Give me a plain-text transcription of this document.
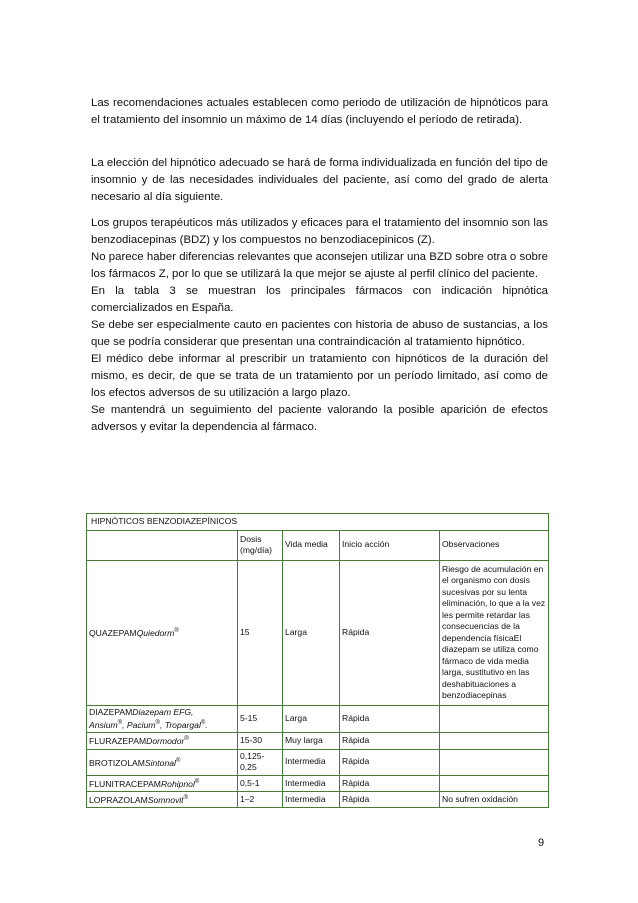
Las recomendaciones actuales establecen como periodo de utilización de hipnóticos para el tratamiento del insomnio un máximo de 14 días (incluyendo el período de retirada).

La elección del hipnótico adecuado se hará de forma individualizada en función del tipo de insomnio y de las necesidades individuales del paciente, así como del grado de alerta necesario al día siguiente.

Los grupos terapéuticos más utilizados y eficaces para el tratamiento del insomnio son las benzodiacepinas (BDZ) y los compuestos no benzodiacepinicos (Z).
No parece haber diferencias relevantes que aconsejen utilizar una BZD sobre otra o sobre los fármacos Z, por lo que se utilizará la que mejor se ajuste al perfil clínico del paciente.
En la tabla 3 se muestran los principales fármacos con indicación hipnótica comercializados en España.
Se debe ser especialmente cauto en pacientes con historia de abuso de sustancias, a los que se podría considerar que presentan una contraindicación al tratamiento hipnótico.
El médico debe informar al prescribir un tratamiento con hipnóticos de la duración del mismo, es decir, de que se trata de un tratamiento por un período limitado, así como de los efectos adversos de su utilización a largo plazo.
Se mantendrá un seguimiento del paciente valorando la posible aparición de efectos adversos y evitar la dependencia al fármaco.
HIPNÓTICOS BENZODIAZEPÍNICOS				
	Dosis (mg/día)	Vida media	Inicio acción	Observaciones
QUAZEPAMQuiedorm®	15	Larga	Rápida	Riesgo de acumulación en el organismo con dosis sucesivas por su lenta eliminación, lo que a la vez les permite retardar las consecuencias de la dependencia físicaEl diazepam se utiliza como fármaco de vida media larga, sustitutivo en las deshabituaciones a benzodiacepinas
DIAZEPAMDiazepam EFG,
Ansium®, Pacium®, Tropargal®.	5-15	Larga	Rápida	
FLURAZEPAMDormodor®	15-30	Muy larga	Rápida	
BROTIZOLAMSintonal®	0,125-0,25	Intermedia	Rápida	
FLUNITRACEPAMRohipnol®	0,5-1	Intermedia	Rápida	
LOPRAZOLAMSomnovit®	1–2	Intermedia	Rápida	No sufren oxidación
9
